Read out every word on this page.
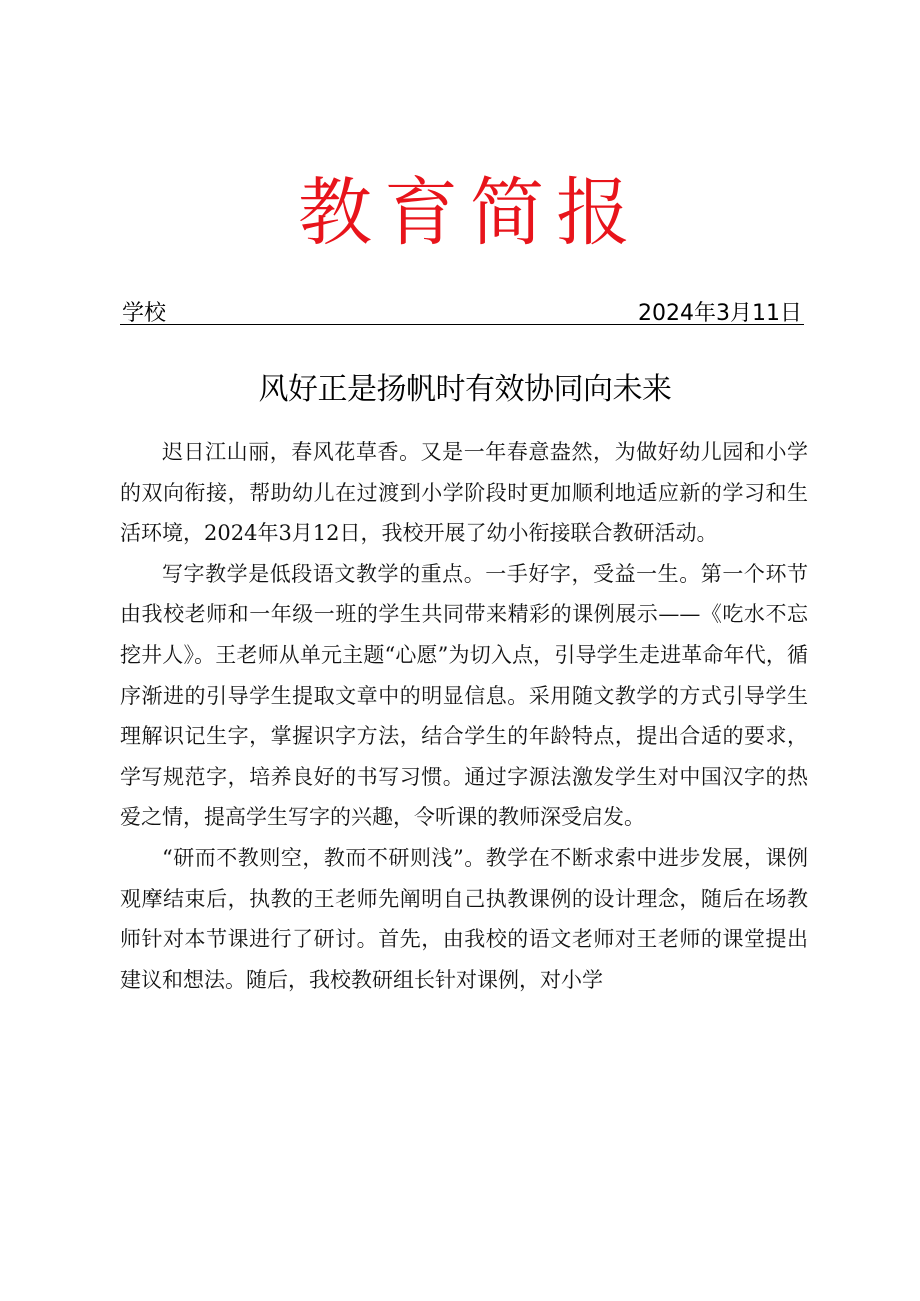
教育简报
学校	2024年3月11日
风好正是扬帆时有效协同向未来

迟日江山丽，春风花草香。又是一年春意盎然，为做好幼儿园和小学的双向衔接，帮助幼儿在过渡到小学阶段时更加顺利地适应新的学习和生活环境，2024年3月12日，我校开展了幼小衔接联合教研活动。

写字教学是低段语文教学的重点。一手好字，受益一生。第一个环节由我校老师和一年级一班的学生共同带来精彩的课例展示——《吃水不忘挖井人》。王老师从单元主题“心愿”为切入点，引导学生走进革命年代，循序渐进的引导学生提取文章中的明显信息。采用随文教学的方式引导学生理解识记生字，掌握识字方法，结合学生的年龄特点，提出合适的要求，学写规范字，培养良好的书写习惯。通过字源法激发学生对中国汉字的热爱之情，提高学生写字的兴趣，令听课的教师深受启发。

“研而不教则空，教而不研则浅”。教学在不断求索中进步发展，课例观摩结束后，执教的王老师先阐明自己执教课例的设计理念，随后在场教师针对本节课进行了研讨。首先，由我校的语文老师对王老师的课堂提出建议和想法。随后，我校教研组长针对课例，对小学
